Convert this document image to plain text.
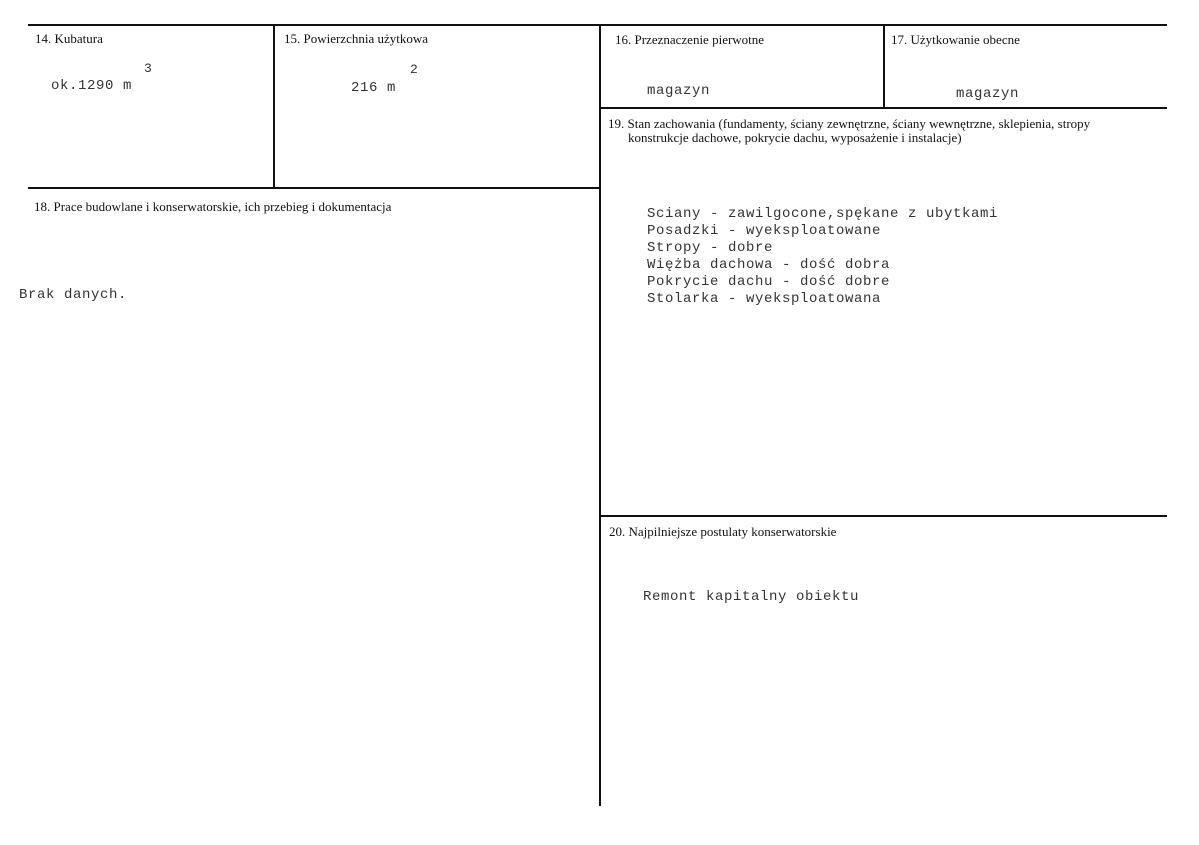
14. Kubatura
3
ok.1290 m
15. Powierzchnia użytkowa
2
216 m
16. Przeznaczenie pierwotne
magazyn
17. Użytkowanie obecne
magazyn
18. Prace budowlane i konserwatorskie, ich przebieg i dokumentacja
Brak danych.
19. Stan zachowania (fundamenty, ściany zewnętrzne, ściany wewnętrzne, sklepienia, stropy
konstrukcje dachowe, pokrycie dachu, wyposażenie i instalacje)
Sciany - zawilgocone,spękane z ubytkami
Posadzki - wyeksploatowane
Stropy - dobre
Więżba dachowa - dość dobra
Pokrycie dachu - dość dobre
Stolarka - wyeksploatowana
20. Najpilniejsze postulaty konserwatorskie
Remont kapitalny obiektu
